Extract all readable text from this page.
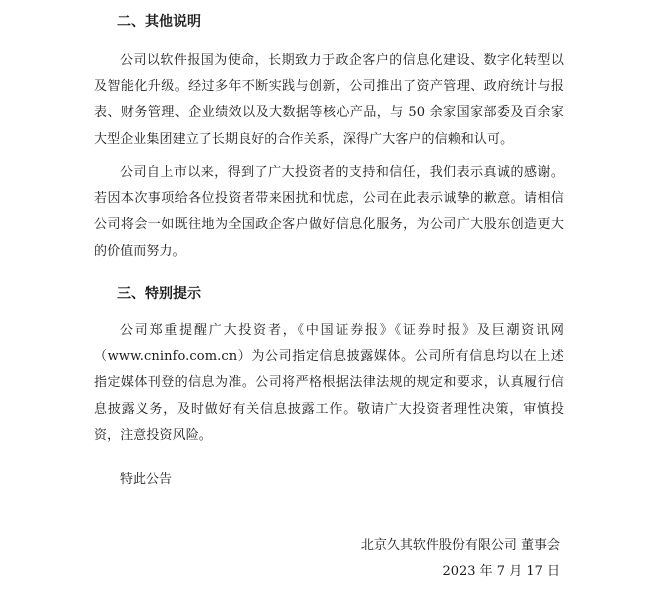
二、其他说明

公司以软件报国为使命，长期致力于政企客户的信息化建设、数字化转型以及智能化升级。经过多年不断实践与创新，公司推出了资产管理、政府统计与报表、财务管理、企业绩效以及大数据等核心产品，与 50 余家国家部委及百余家大型企业集团建立了长期良好的合作关系，深得广大客户的信赖和认可。

公司自上市以来，得到了广大投资者的支持和信任，我们表示真诚的感谢。若因本次事项给各位投资者带来困扰和忧虑，公司在此表示诚挚的歉意。请相信公司将会一如既往地为全国政企客户做好信息化服务，为公司广大股东创造更大的价值而努力。

三、特别提示

公司郑重提醒广大投资者，《中国证券报》《证券时报》及巨潮资讯网（www.cninfo.com.cn）为公司指定信息披露媒体。公司所有信息均以在上述指定媒体刊登的信息为准。公司将严格根据法律法规的规定和要求，认真履行信息披露义务，及时做好有关信息披露工作。敬请广大投资者理性决策，审慎投资，注意投资风险。

特此公告

北京久其软件股份有限公司 董事会

2023 年 7 月 17 日
